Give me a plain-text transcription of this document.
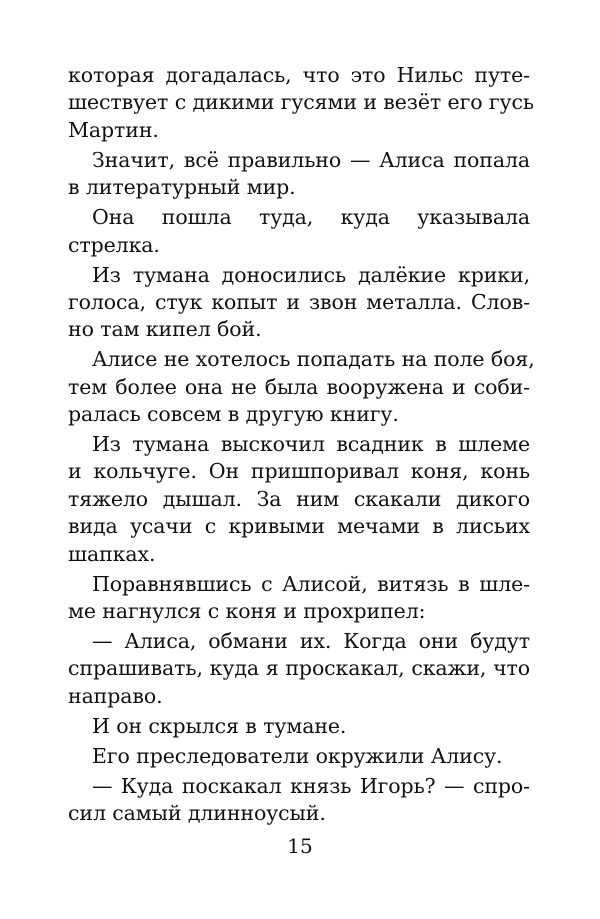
которая догадалась, что это Нильс путе-
шествует с дикими гусями и везёт его гусь
Мартин.
Значит, всё правильно — Алиса попала
в литературный мир.
Она пошла туда, куда указывала
стрелка.
Из тумана доносились далёкие крики,
голоса, стук копыт и звон металла. Слов-
но там кипел бой.
Алисе не хотелось попадать на поле боя,
тем более она не была вооружена и соби-
ралась совсем в другую книгу.
Из тумана выскочил всадник в шлеме
и кольчуге. Он пришпоривал коня, конь
тяжело дышал. За ним скакали дикого
вида усачи с кривыми мечами в лисьих
шапках.
Поравнявшись с Алисой, витязь в шле-
ме нагнулся с коня и прохрипел:
— Алиса, обмани их. Когда они будут
спрашивать, куда я проскакал, скажи, что
направо.
И он скрылся в тумане.
Его преследователи окружили Алису.
— Куда поскакал князь Игорь? — спро-
сил самый длинноусый.
15
